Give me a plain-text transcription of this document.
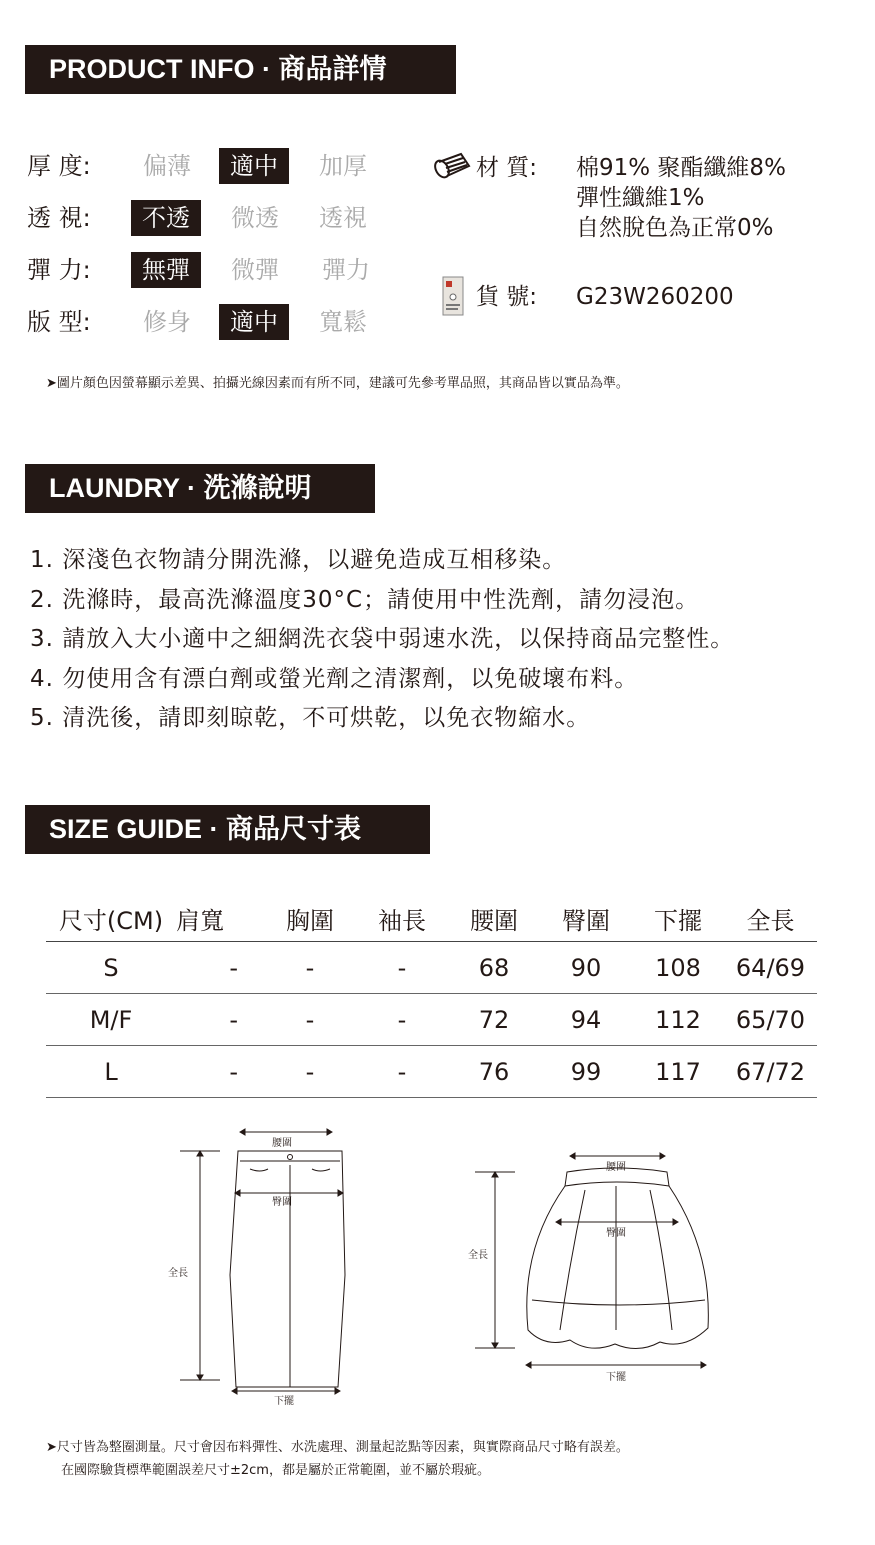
PRODUCT INFO · 商品詳情
厚 度:	偏薄	適中	加厚
透 視:	不透	微透	透視
彈 力:	無彈	微彈	彈力
版 型:	修身	適中	寬鬆
材 質: 棉91% 聚酯纖維8%
彈性纖維1%
自然脫色為正常0%
貨 號: G23W260200
➤圖片顏色因螢幕顯示差異、拍攝光線因素而有所不同，建議可先參考單品照，其商品皆以實品為準。
LAUNDRY · 洗滌說明
1. 深淺色衣物請分開洗滌，以避免造成互相移染。
2. 洗滌時，最高洗滌溫度30°C；請使用中性洗劑，請勿浸泡。
3. 請放入大小適中之細網洗衣袋中弱速水洗，以保持商品完整性。
4. 勿使用含有漂白劑或螢光劑之清潔劑，以免破壞布料。
5. 清洗後，請即刻晾乾，不可烘乾，以免衣物縮水。
SIZE GUIDE · 商品尺寸表
尺寸(CM)	肩寬	胸圍	袖長	腰圍	臀圍	下擺	全長
S	-	-	-	68	90	108	64/69
M/F	-	-	-	72	94	112	65/70
L	-	-	-	76	99	117	67/72
腰圍
臀圍
全長
下擺
腰圍
臀圍
全長
下擺
➤尺寸皆為整圈測量。尺寸會因布料彈性、水洗處理、測量起訖點等因素，與實際商品尺寸略有誤差。
在國際驗貨標準範圍誤差尺寸±2cm，都是屬於正常範圍，並不屬於瑕疵。
